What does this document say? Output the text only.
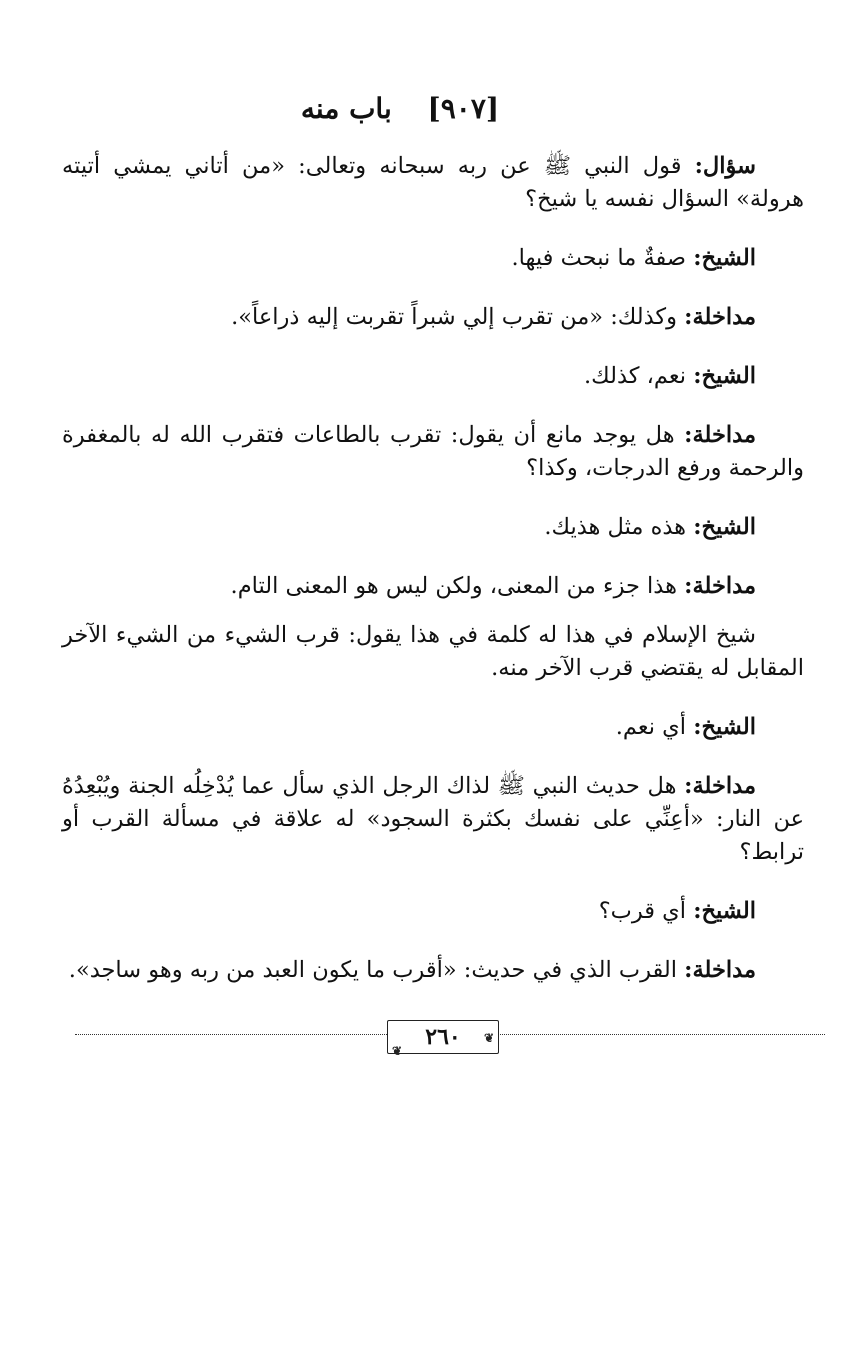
[٩٠٧] باب منه

سؤال: قول النبي ﷺ عن ربه سبحانه وتعالى: «من أتاني يمشي أتيته هرولة» السؤال نفسه يا شيخ؟

الشيخ: صفةٌ ما نبحث فيها.

مداخلة: وكذلك: «من تقرب إلي شبراً تقربت إليه ذراعاً».

الشيخ: نعم، كذلك.

مداخلة: هل يوجد مانع أن يقول: تقرب بالطاعات فتقرب الله له بالمغفرة والرحمة ورفع الدرجات، وكذا؟

الشيخ: هذه مثل هذيك.

مداخلة: هذا جزء من المعنى، ولكن ليس هو المعنى التام.

شيخ الإسلام في هذا له كلمة في هذا يقول: قرب الشيء من الشيء الآخر المقابل له يقتضي قرب الآخر منه.

الشيخ: أي نعم.

مداخلة: هل حديث النبي ﷺ لذاك الرجل الذي سأل عما يُدْخِلُه الجنة ويُبْعِدُهُ عن النار: «أعِنِّي على نفسك بكثرة السجود» له علاقة في مسألة القرب أو ترابط؟

الشيخ: أي قرب؟

مداخلة: القرب الذي في حديث: «أقرب ما يكون العبد من ربه وهو ساجد».

❦
٢٦٠
❦
